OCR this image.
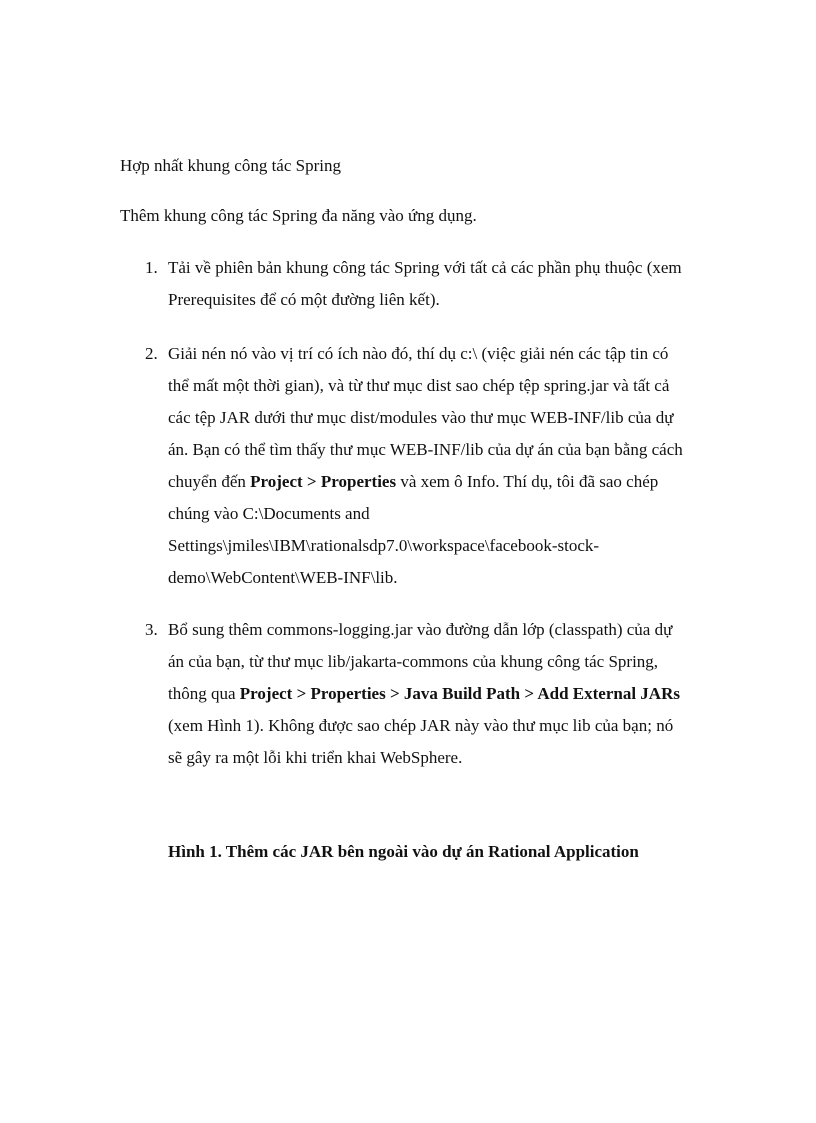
Hợp nhất khung công tác Spring

Thêm khung công tác Spring đa năng vào ứng dụng.

1. Tải về phiên bản khung công tác Spring với tất cả các phần phụ thuộc (xem
Prerequisites để có một đường liên kết).
2. Giải nén nó vào vị trí có ích nào đó, thí dụ c:\ (việc giải nén các tập tin có
thể mất một thời gian), và từ thư mục dist sao chép tệp spring.jar và tất cả
các tệp JAR dưới thư mục dist/modules vào thư mục WEB-INF/lib của dự
án. Bạn có thể tìm thấy thư mục WEB-INF/lib của dự án của bạn bằng cách
chuyển đến Project > Properties và xem ô Info. Thí dụ, tôi đã sao chép
chúng vào C:\Documents and
Settings\jmiles\IBM\rationalsdp7.0\workspace\facebook-stock-
demo\WebContent\WEB-INF\lib.
3. Bổ sung thêm commons-logging.jar vào đường dẫn lớp (classpath) của dự
án của bạn, từ thư mục lib/jakarta-commons của khung công tác Spring,
thông qua Project > Properties > Java Build Path > Add External JARs
(xem Hình 1). Không được sao chép JAR này vào thư mục lib của bạn; nó
sẽ gây ra một lỗi khi triển khai WebSphere.

Hình 1. Thêm các JAR bên ngoài vào dự án Rational Application
